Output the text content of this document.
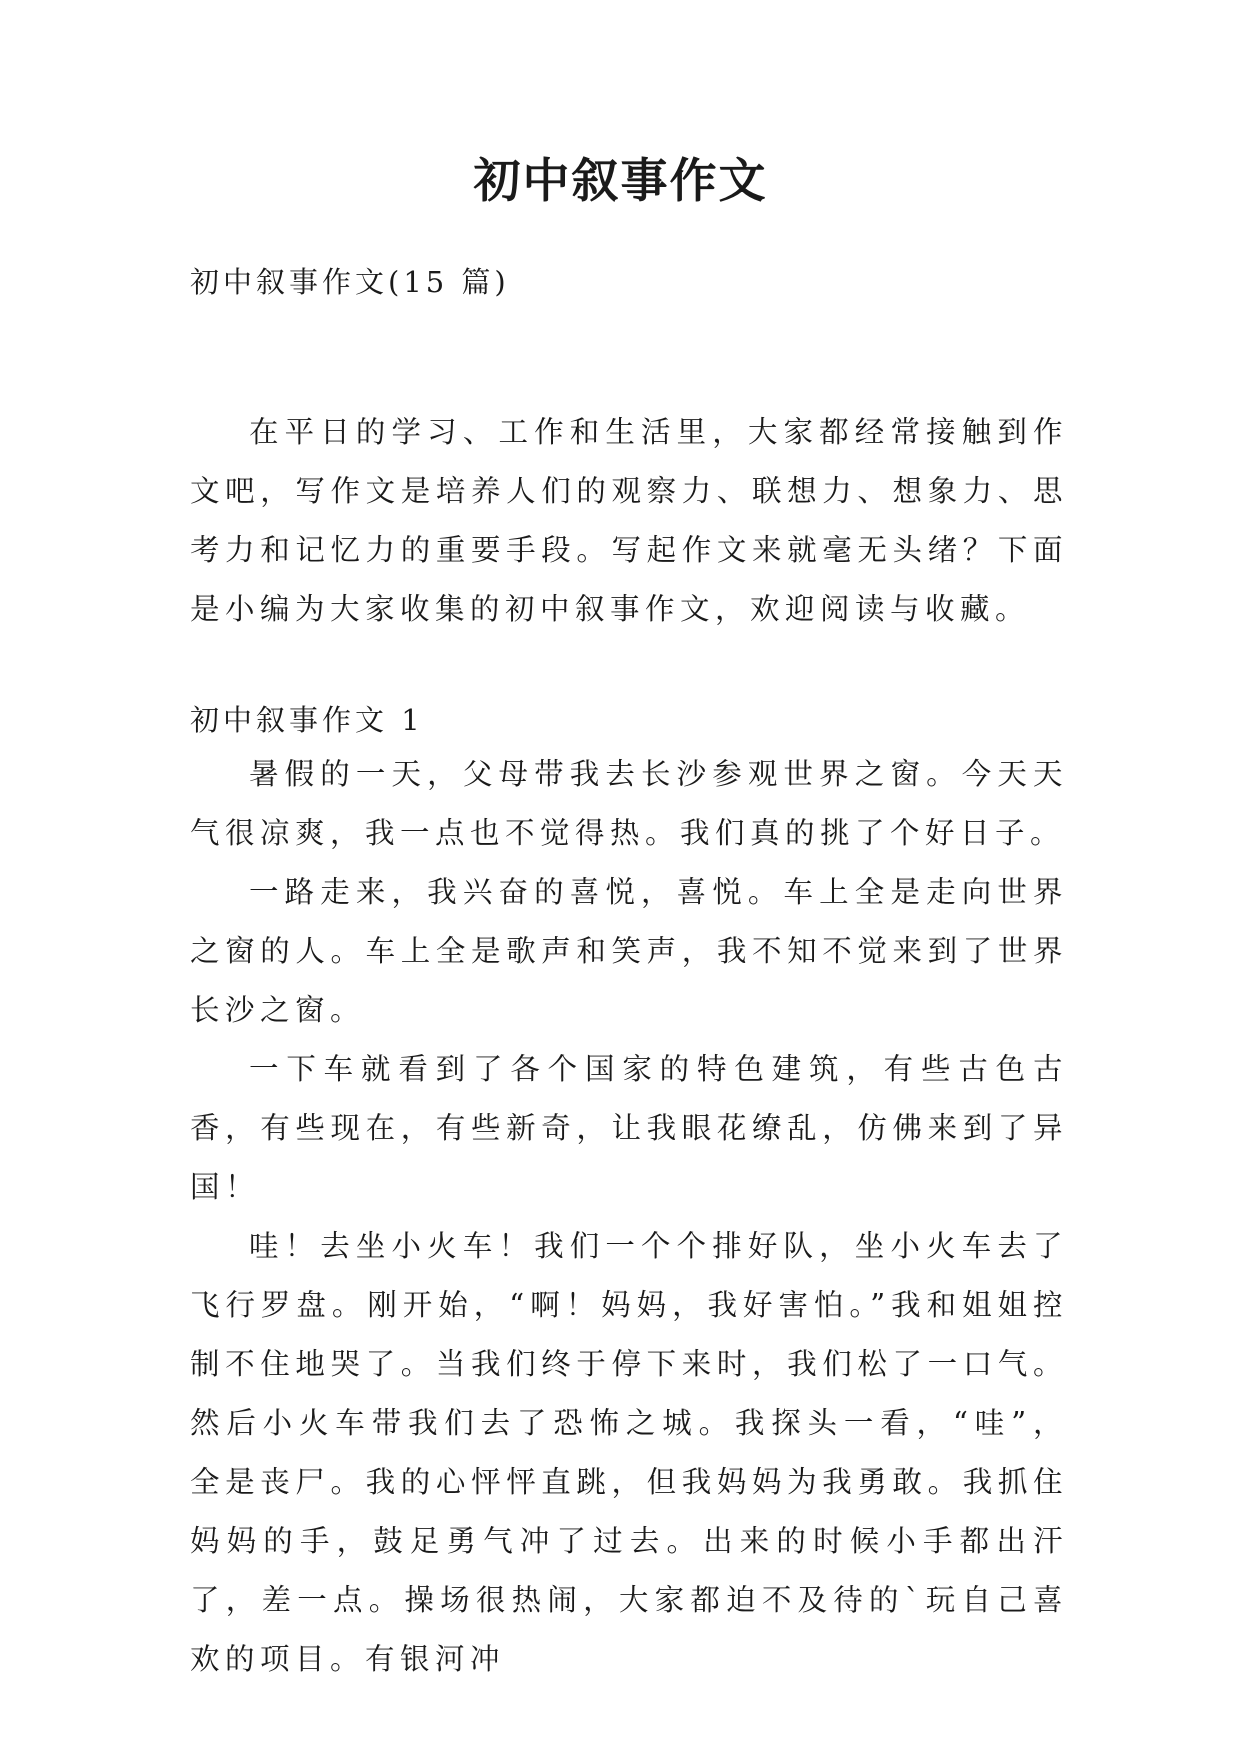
初中叙事作文

初中叙事作文(15 篇)

在平日的学习、工作和生活里，大家都经常接触到作文吧，写作文是培养人们的观察力、联想力、想象力、思考力和记忆力的重要手段。写起作文来就毫无头绪？下面是小编为大家收集的初中叙事作文，欢迎阅读与收藏。

初中叙事作文 1

暑假的一天，父母带我去长沙参观世界之窗。今天天气很凉爽，我一点也不觉得热。我们真的挑了个好日子。

一路走来，我兴奋的喜悦，喜悦。车上全是走向世界之窗的人。车上全是歌声和笑声，我不知不觉来到了世界长沙之窗。

一下车就看到了各个国家的特色建筑，有些古色古香，有些现在，有些新奇，让我眼花缭乱，仿佛来到了异国！

哇！去坐小火车！我们一个个排好队，坐小火车去了飞行罗盘。刚开始，“啊！妈妈，我好害怕。”我和姐姐控制不住地哭了。当我们终于停下来时，我们松了一口气。然后小火车带我们去了恐怖之城。我探头一看，“哇”，全是丧尸。我的心怦怦直跳，但我妈妈为我勇敢。我抓住妈妈的手，鼓足勇气冲了过去。出来的时候小手都出汗了，差一点。操场很热闹，大家都迫不及待的`玩自己喜欢的项目。有银河冲
